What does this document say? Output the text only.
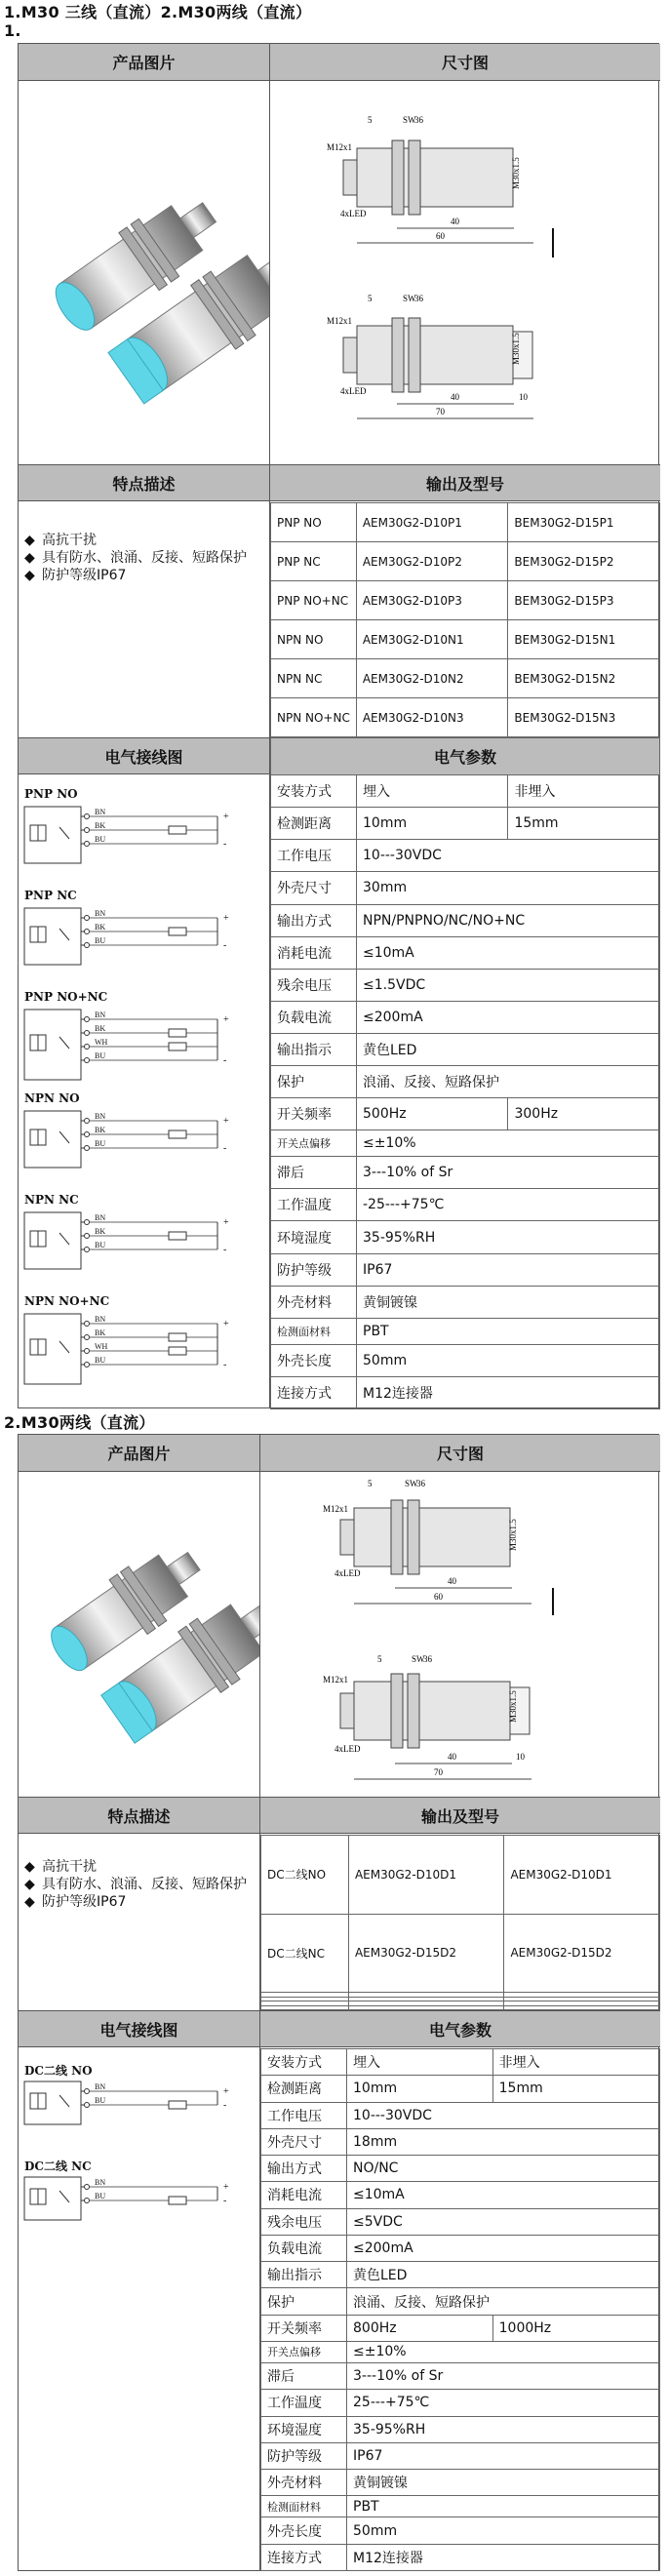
1.M30 三线（直流）2.M30两线（直流）
1.
产品图片	尺寸图
5	SW
36
M12x1
M30x1.5
4xLED
40
60
5	SW
36
M12x1
M30x1.5
4xLED
40	10
70
特点描述	输出及型号
◆ 高抗干扰
◆ 具有防水、浪涌、反接、短路保护
◆ 防护等级IP67
PNP NO	AEM30G2-D10P1	BEM30G2-D15P1
PNP NC	AEM30G2-D10P2	BEM30G2-D15P2
PNP NO+NC	AEM30G2-D10P3	BEM30G2-D15P3
NPN NO	AEM30G2-D10N1	BEM30G2-D15N1
NPN NC	AEM30G2-D10N2	BEM30G2-D15N2
NPN NO+NC	AEM30G2-D10N3	BEM30G2-D15N3
电气接线图
PNP NO
BN
BK
BU
+
-
PNP NC
BN
BK
BU
+
-
PNP NO+NC
BN
BK
WH
BU
+
-
NPN NO
BN
BK
BU
+
-
NPN NC
BN
BK
BU
+
-
NPN NO+NC
BN
BK
WH
BU
+
-
电气参数		
安装方式	埋入	非埋入
检测距离	10mm	15mm
工作电压	10---30VDC	
外壳尺寸	30mm	
输出方式	NPN/PNPNO/NC/NO+NC	
消耗电流	≤10mA	
残余电压	≤1.5VDC	
负载电流	≤200mA	
输出指示	黄色LED	
保护	浪涌、反接、短路保护	
开关频率	500Hz	300Hz
开关点偏移	≤±10%	
滞后	3---10% of Sr	
工作温度	-25---+75℃	
环境湿度	35-95%RH	
防护等级	IP67	
外壳材料	黄铜镀镍	
检测面材料	PBT	
外壳长度	50mm	
连接方式	M12连接器	
2.M30两线（直流）
产品图片	尺寸图
5	SW
36
M12x1
M30x1.5
4xLED
40
60
5	SW
36
M12x1
M30x1.5
4xLED
40	10
70
特点描述	输出及型号
◆ 高抗干扰
◆ 具有防水、浪涌、反接、短路保护
◆ 防护等级IP67
DC二线NO	AEM30G2-D10D1	AEM30G2-D10D1
DC二线NC	AEM30G2-D15D2	AEM30G2-D15D2

电气接线图	电气参数
DC二线 NO
BN
BU
+
-
DC二线 NC
BN
BU
+
-
安装方式	埋入	非埋入
检测距离	10mm	15mm
工作电压	10---30VDC	
外壳尺寸	18mm	
输出方式	NO/NC	
消耗电流	≤10mA	
残余电压	≤5VDC	
负载电流	≤200mA	
输出指示	黄色LED	
保护	浪涌、反接、短路保护	
开关频率	800Hz	1000Hz
开关点偏移	≤±10%	
滞后	3---10% of Sr	
工作温度	25---+75℃	
环境湿度	35-95%RH	
防护等级	IP67	
外壳材料	黄铜镀镍	
检测面材料	PBT	
外壳长度	50mm	
连接方式	M12连接器	
